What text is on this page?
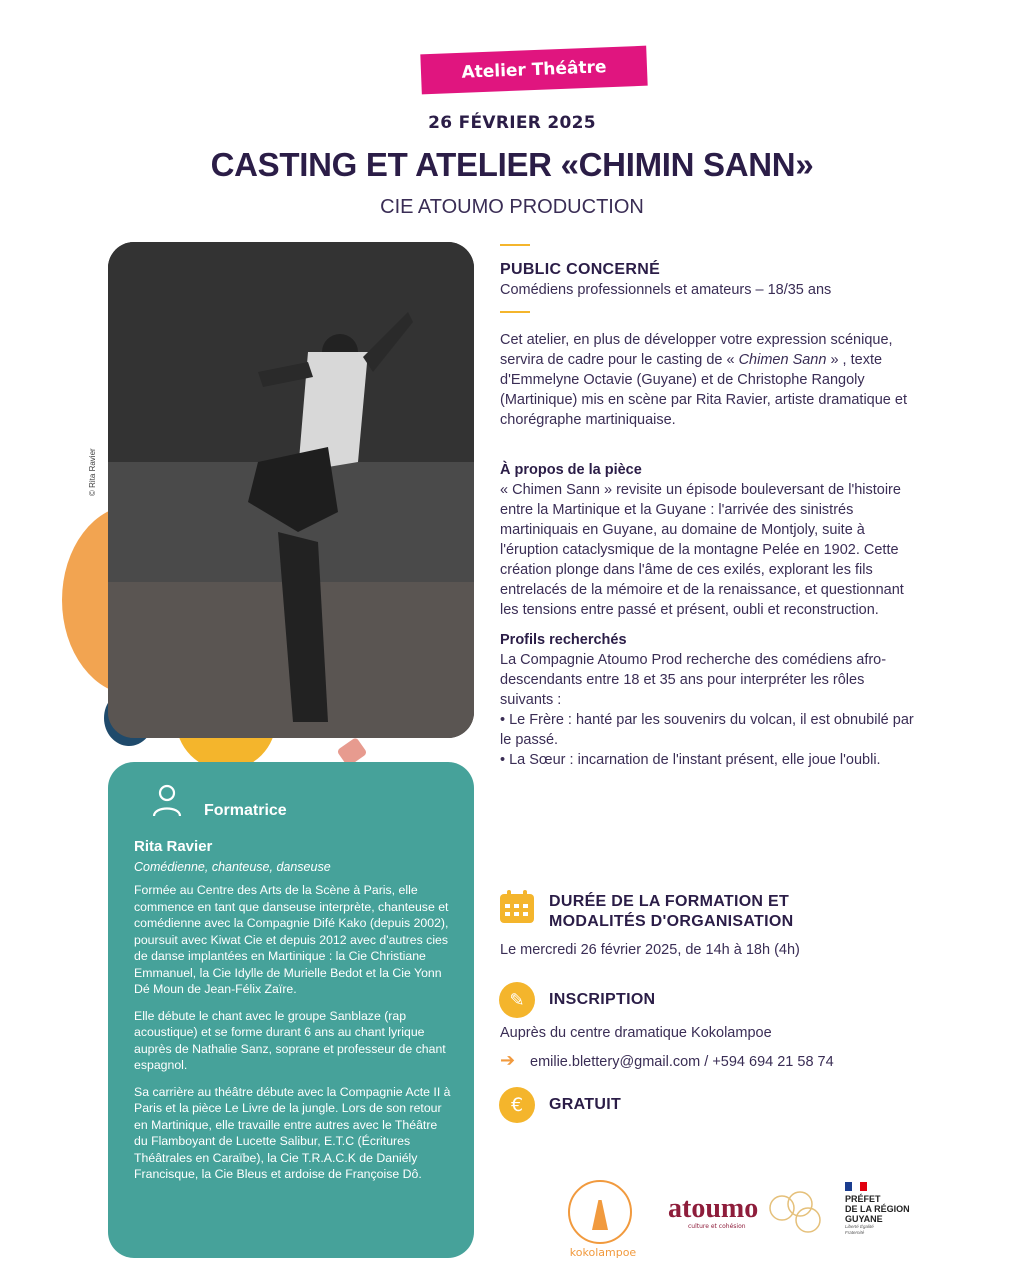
Atelier Théâtre
26 FÉVRIER 2025
CASTING ET ATELIER «CHIMIN SANN»
CIE ATOUMO PRODUCTION
© Rita Ravier
PUBLIC CONCERNÉ
Comédiens professionnels et amateurs – 18/35 ans
Cet atelier, en plus de développer votre expression scénique, servira de cadre pour le casting de « Chimen Sann » , texte d'Emmelyne Octavie (Guyane) et de Christophe Rangoly (Martinique) mis en scène par Rita Ravier, artiste dramatique et chorégraphe martiniquaise.
À propos de la pièce
« Chimen Sann » revisite un épisode bouleversant de l'histoire entre la Martinique et la Guyane : l'arrivée des sinistrés martiniquais en Guyane, au domaine de Montjoly, suite à l'éruption cataclysmique de la montagne Pelée en 1902. Cette création plonge dans l'âme de ces exilés, explorant les fils entrelacés de la mémoire et de la renaissance, et questionnant les tensions entre passé et présent, oubli et reconstruction.
Profils recherchés
La Compagnie Atoumo Prod recherche des comédiens afro-descendants entre 18 et 35 ans pour interpréter les rôles suivants :
• Le Frère : hanté par les souvenirs du volcan, il est obnubilé par le passé.
• La Sœur : incarnation de l'instant présent, elle joue l'oubli.
Formatrice
Rita Ravier
Comédienne, chanteuse, danseuse

Formée au Centre des Arts de la Scène à Paris, elle commence en tant que danseuse interprète, chanteuse et comédienne avec la Compagnie Difé Kako (depuis 2002), poursuit avec Kiwat Cie et depuis 2012 avec d'autres cies de danse implantées en Martinique : la Cie Christiane Emmanuel, la Cie Idylle de Murielle Bedot et la Cie Yonn Dé Moun de Jean-Félix Zaïre.

Elle débute le chant avec le groupe Sanblaze (rap acoustique) et se forme durant 6 ans au chant lyrique auprès de Nathalie Sanz, soprane et professeur de chant espagnol.

Sa carrière au théâtre débute avec la Compagnie Acte II à Paris et la pièce Le Livre de la jungle. Lors de son retour en Martinique, elle travaille entre autres avec le Théâtre du Flamboyant de Lucette Salibur, E.T.C (Écritures Théâtrales en Caraïbe), la Cie T.R.A.C.K de Daniély Francisque, la Cie Bleus et ardoise de Françoise Dô.

DURÉE DE LA FORMATION ET
MODALITÉS D'ORGANISATION
Le mercredi 26 février 2025, de 14h à 18h (4h)
✎	INSCRIPTION
Auprès du centre dramatique Kokolampoe
➔ emilie.blettery@gmail.com / +594 694 21 58 74
€	GRATUIT
kokolampoe
atoumo
culture et cohésion
PRÉFET
DE LA RÉGION
GUYANE
Liberté Égalité Fraternité
